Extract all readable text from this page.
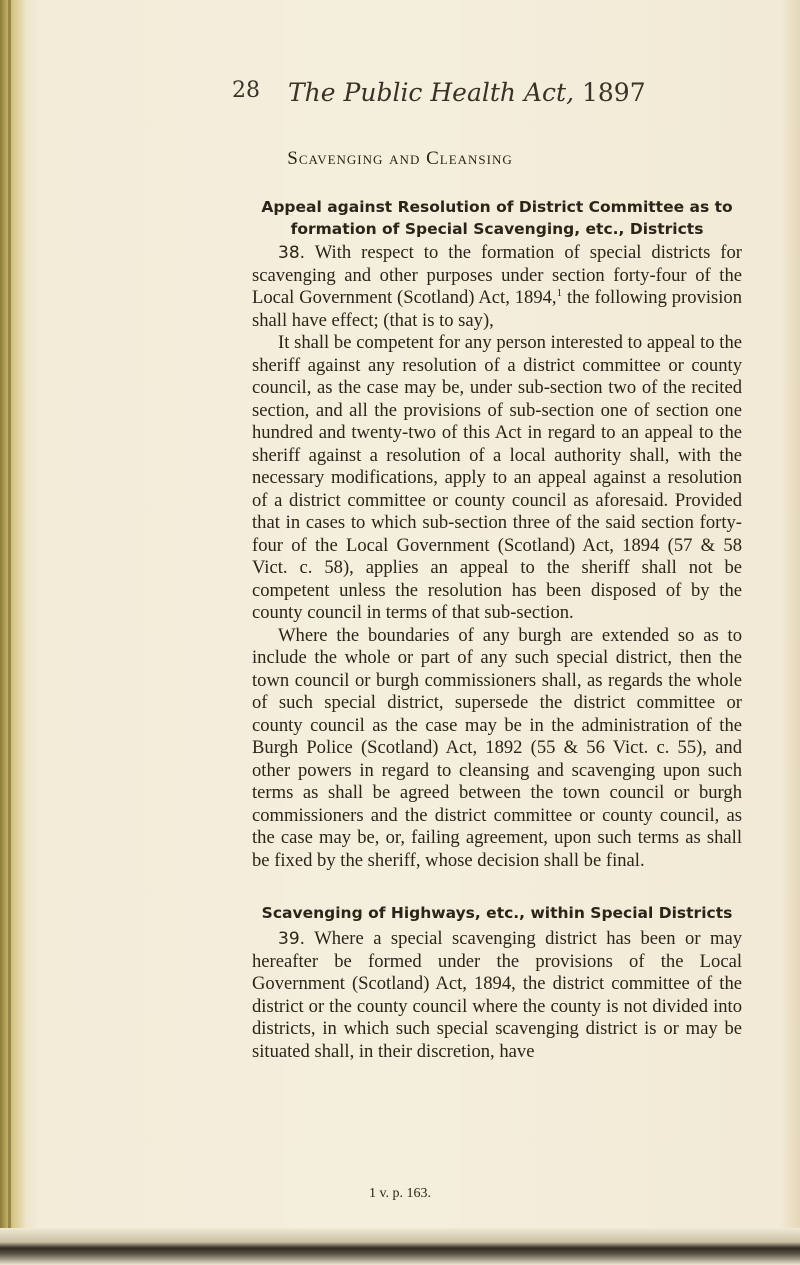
28 The Public Health Act, 1897
Scavenging and Cleansing
Appeal against Resolution of District Committee as to formation of Special Scavenging, etc., Districts

38. With respect to the formation of special districts for scavenging and other purposes under section forty-four of the Local Government (Scotland) Act, 1894,$^1$ the following provision shall have effect; (that is to say),

It shall be competent for any person interested to appeal to the sheriff against any resolution of a district committee or county council, as the case may be, under sub-section two of the recited section, and all the provisions of sub-section one of section one hundred and twenty-two of this Act in regard to an appeal to the sheriff against a resolution of a local authority shall, with the necessary modifications, apply to an appeal against a resolution of a district committee or county council as aforesaid. Provided that in cases to which sub-section three of the said section forty-four of the Local Government (Scotland) Act, 1894 (57 & 58 Vict. c. 58), applies an appeal to the sheriff shall not be competent unless the resolution has been disposed of by the county council in terms of that sub-section.

Where the boundaries of any burgh are extended so as to include the whole or part of any such special district, then the town council or burgh commissioners shall, as regards the whole of such special district, supersede the district committee or county council as the case may be in the administration of the Burgh Police (Scotland) Act, 1892 (55 & 56 Vict. c. 55), and other powers in regard to cleansing and scavenging upon such terms as shall be agreed between the town council or burgh commissioners and the district committee or county council, as the case may be, or, failing agreement, upon such terms as shall be fixed by the sheriff, whose decision shall be final.

Scavenging of Highways, etc., within Special Districts

39. Where a special scavenging district has been or may hereafter be formed under the provisions of the Local Government (Scotland) Act, 1894, the district committee of the district or the county council where the county is not divided into districts, in which such special scavenging district is or may be situated shall, in their discretion, have

1 v. p. 163.
